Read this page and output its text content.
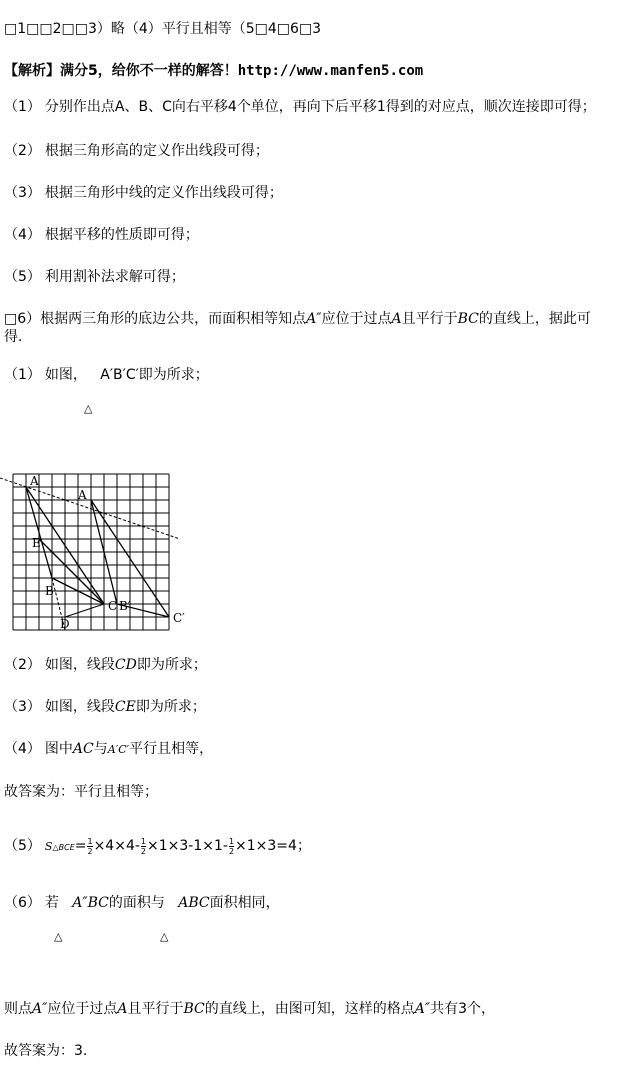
□1□□2□□3）略（4）平行且相等（5□4□6□3
【解析】满分5，给你不一样的解答！http://www.manfen5.com
（1） 分别作出点A、B、C向右平移4个单位，再向下后平移1得到的对应点，顺次连接即可得；
（2） 根据三角形高的定义作出线段可得；
（3） 根据三角形中线的定义作出线段可得；
（4） 根据平移的性质即可得；
（5） 利用割补法求解可得；
□6）根据两三角形的底边公共，而面积相等知点A″应位于过点A且平行于BC的直线上，据此可
得.
（1） 如图， A′B′C′即为所求；
△
A
A
E
B
C B′
C′
D
（2） 如图，线段CD即为所求；
（3） 如图，线段CE即为所求；
（4） 图中AC与A′C′平行且相等，
故答案为：平行且相等；
（5） S△BCE= $\frac{1}{2} \times 4\times 4- \frac{1}{2} \times 1\times 3-1\times 1- \frac{1}{2} \times 1\times 3=4$；
（6） 若 A″BC的面积与 ABC面积相同，
△	△
则点A″应位于过点A且平行于BC的直线上，由图可知，这样的格点A″共有3个，
故答案为：3.
